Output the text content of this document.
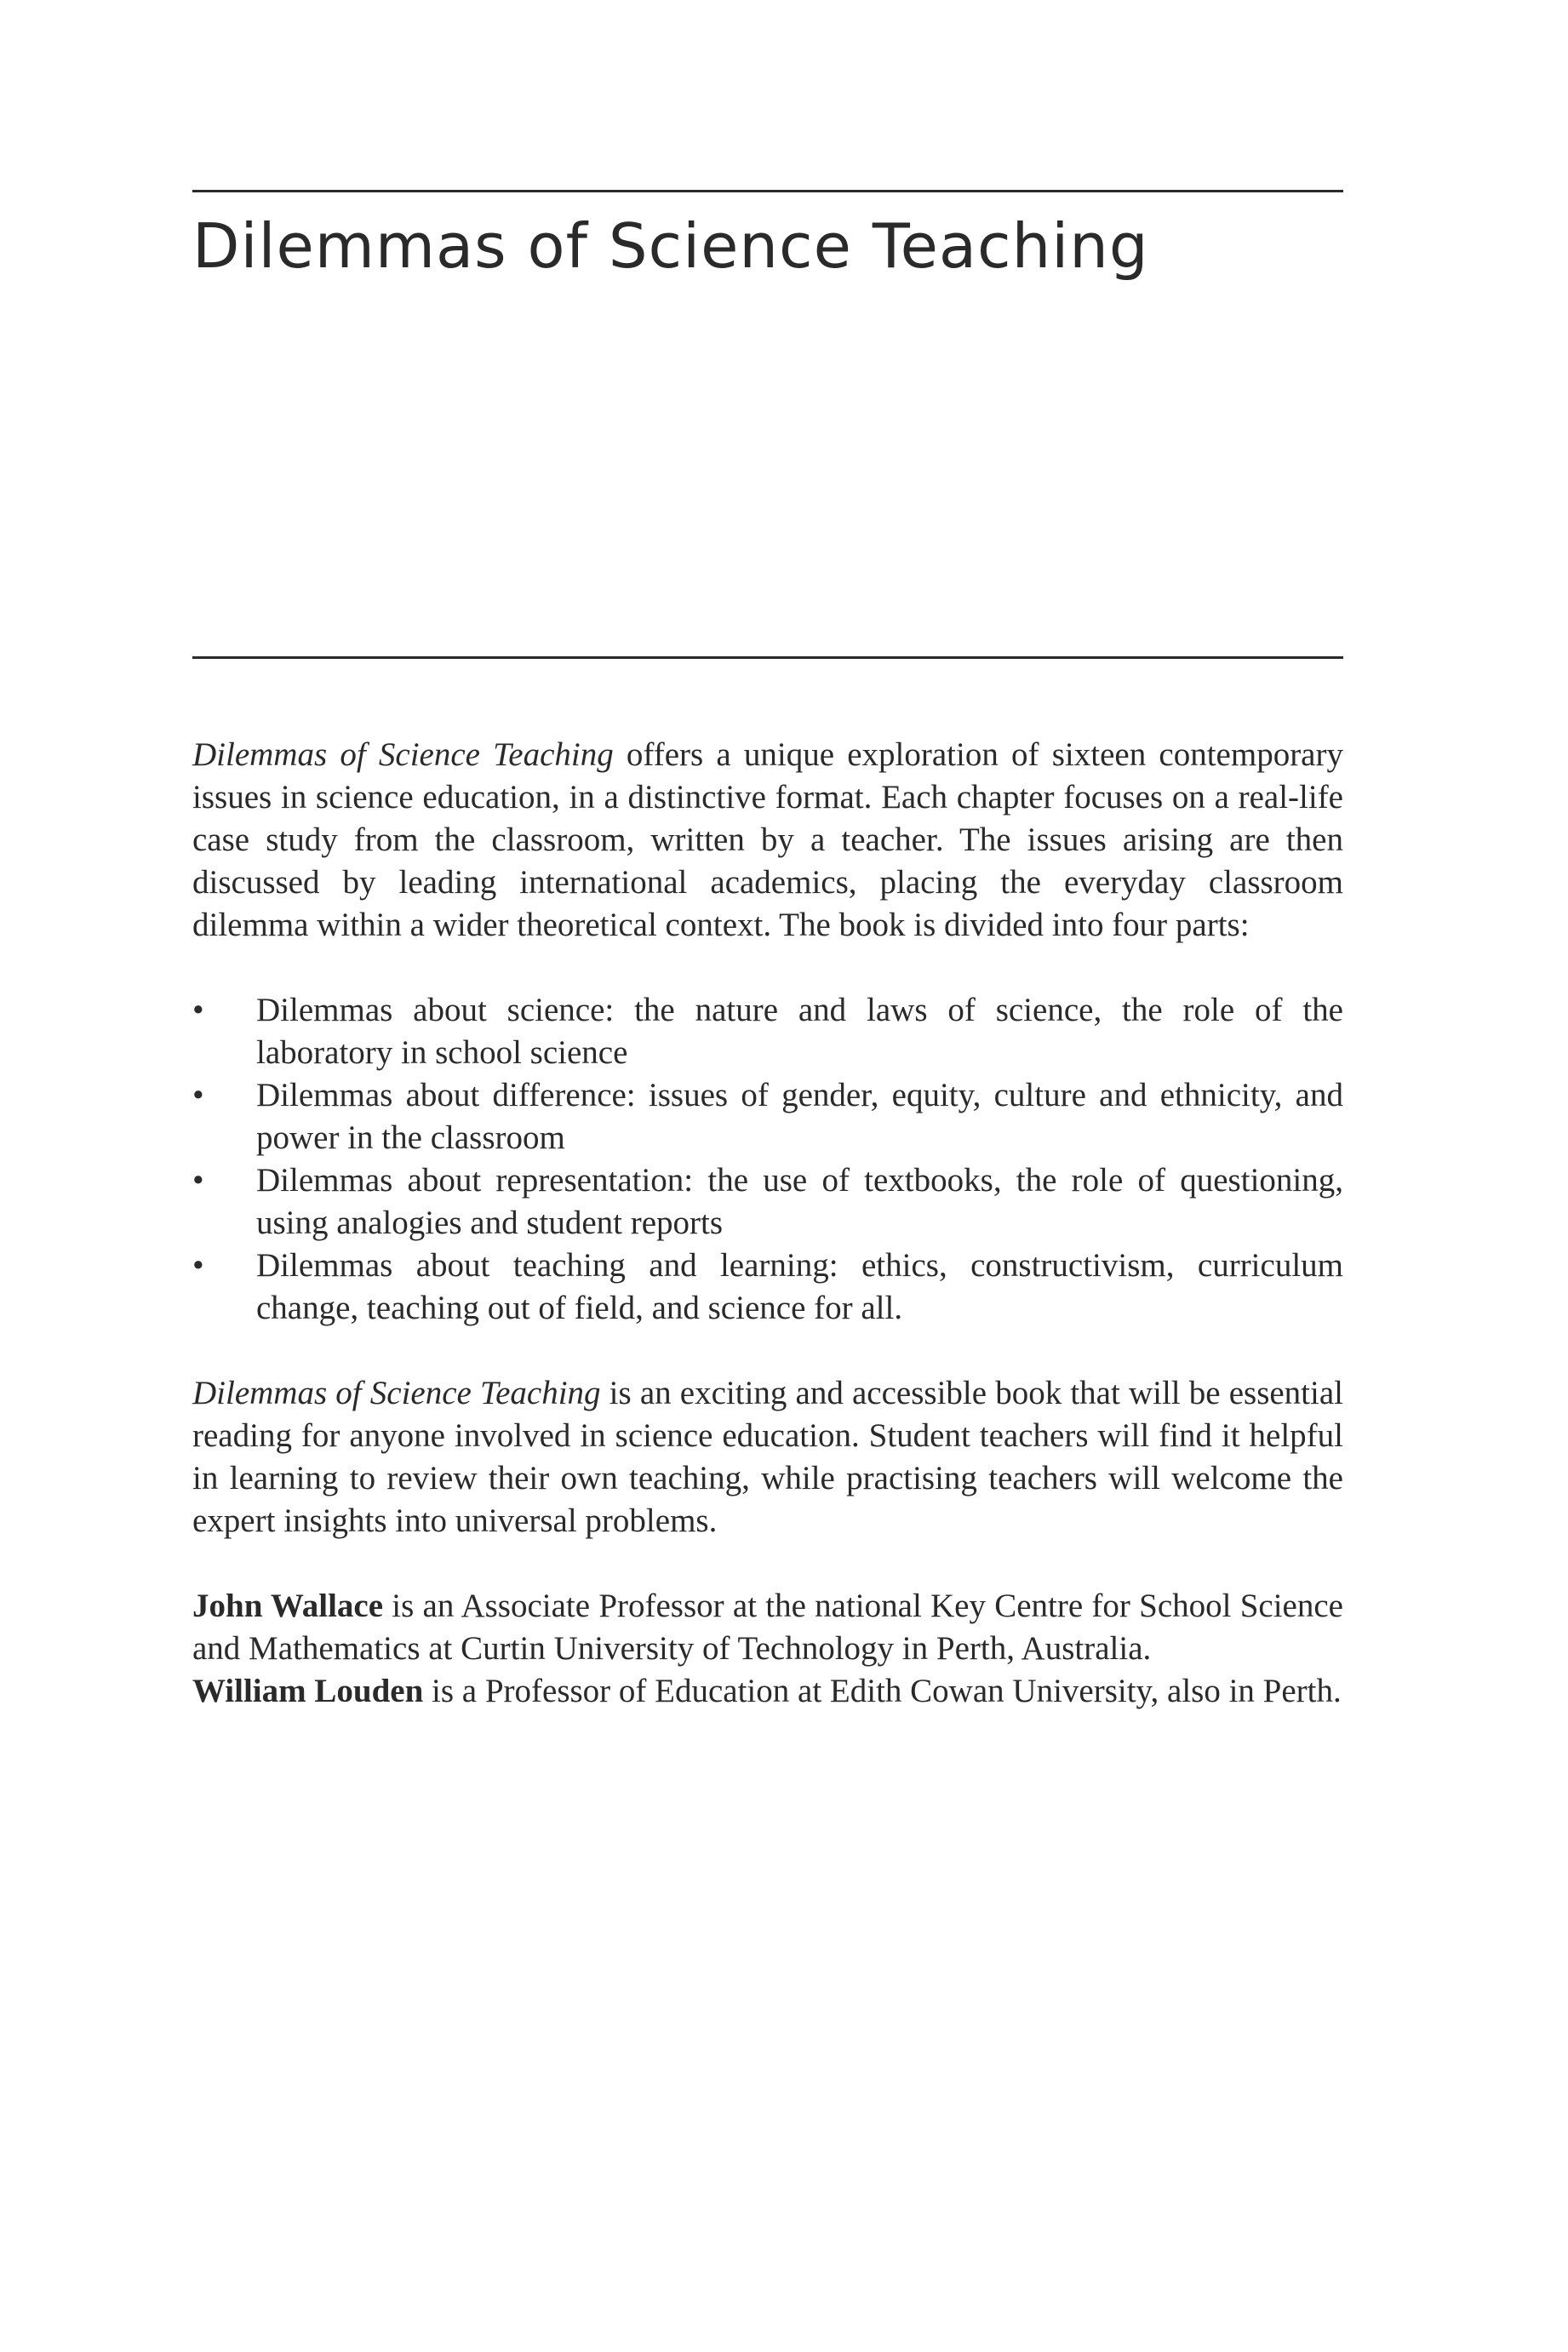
Dilemmas of Science Teaching

Dilemmas of Science Teaching offers a unique exploration of sixteen contemporary issues in science education, in a distinctive format. Each chapter focuses on a real-life case study from the classroom, written by a teacher. The issues arising are then discussed by leading international academics, placing the everyday classroom dilemma within a wider theoretical context. The book is divided into four parts:

• Dilemmas about science: the nature and laws of science, the role of the laboratory in school science
• Dilemmas about difference: issues of gender, equity, culture and ethnicity, and power in the classroom
• Dilemmas about representation: the use of textbooks, the role of questioning, using analogies and student reports
• Dilemmas about teaching and learning: ethics, constructivism, curriculum change, teaching out of field, and science for all.

Dilemmas of Science Teaching is an exciting and accessible book that will be essential reading for anyone involved in science education. Student teachers will find it helpful in learning to review their own teaching, while practising teachers will welcome the expert insights into universal problems.

John Wallace is an Associate Professor at the national Key Centre for School Science and Mathematics at Curtin University of Technology in Perth, Australia.
William Louden is a Professor of Education at Edith Cowan University, also in Perth.
